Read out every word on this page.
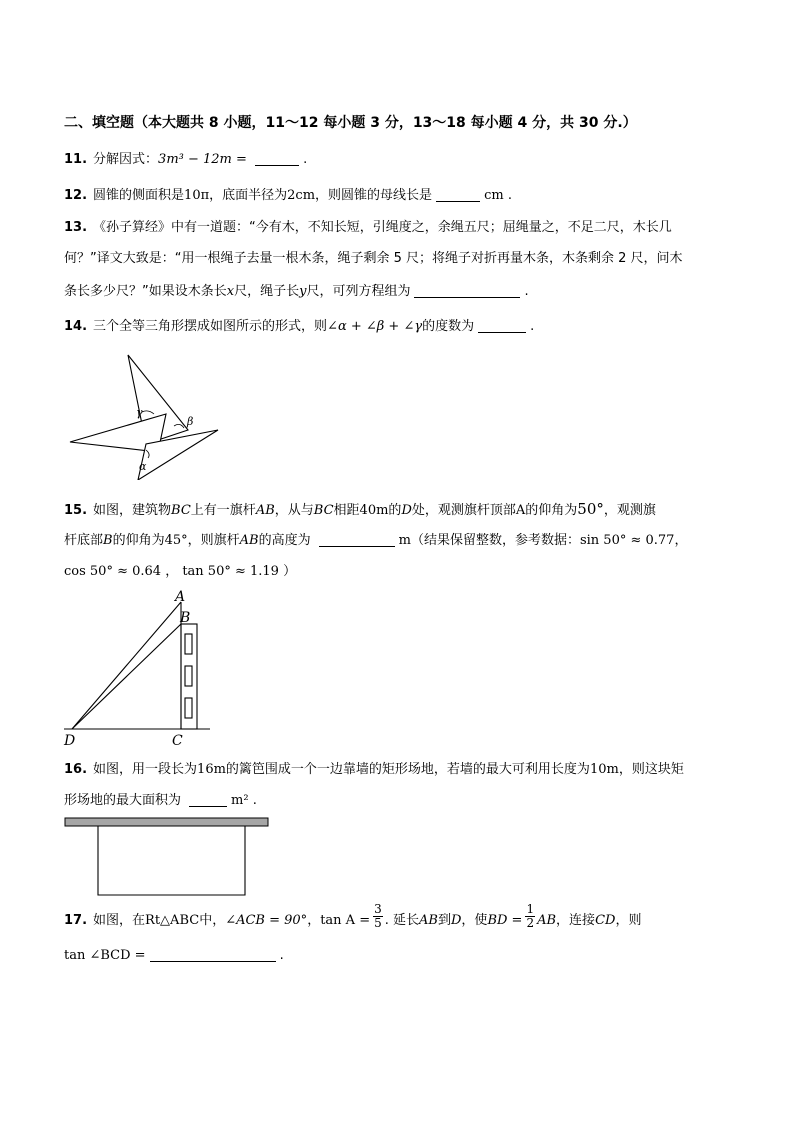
二、填空题（本大题共 8 小题，11～12 每小题 3 分，13～18 每小题 4 分，共 30 分.）
11. 分解因式：3m³ − 12m =	.
12. 圆锥的侧面积是10π，底面半径为2cm，则圆锥的母线长是	cm .
13. 《孙子算经》中有一道题：“今有木，不知长短，引绳度之，余绳五尺；屈绳量之，不足二尺，木长几
何？”译文大致是：“用一根绳子去量一根木条，绳子剩余 5 尺；将绳子对折再量木条，木条剩余 2 尺，问木
条长多少尺？”如果设木条长x尺，绳子长y尺，可列方程组为	.
14. 三个全等三角形摆成如图所示的形式，则∠α + ∠β + ∠γ的度数为	.
γ
β
α
15. 如图，建筑物BC上有一旗杆AB，从与BC相距40m的D处，观测旗杆顶部A的仰角为50°，观测旗
杆底部B的仰角为45°，则旗杆AB的高度为	m（结果保留整数，参考数据：sin 50° ≈ 0.77，
cos 50° ≈ 0.64 ， tan 50° ≈ 1.19 ）
A
B
C
D
16. 如图，用一段长为16m的篱笆围成一个一边靠墙的矩形场地，若墙的最大可利用长度为10m，则这块矩
形场地的最大面积为	m² .
17. 如图，在Rt△ABC中，∠ACB = 90°，$\tan A = \frac{3}{5}$ . 延长AB到D，使BD = $\frac{1}{2}$ AB，连接CD，则
tan ∠BCD =	.
